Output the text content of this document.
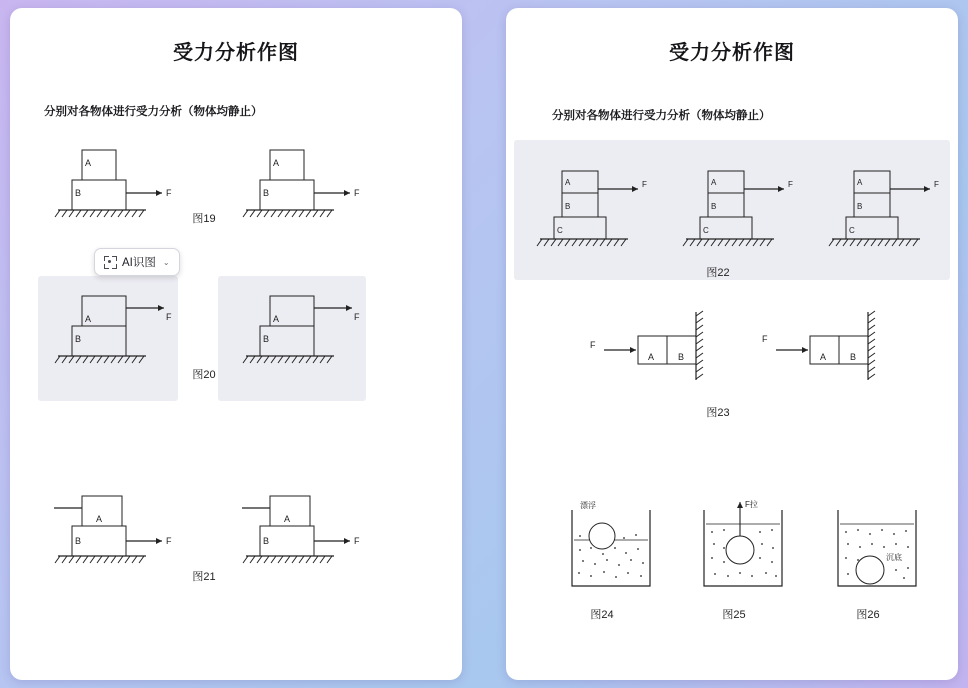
受力分析作图
分别对各物体进行受力分析（物体均静止）
A
B	F
A
B	F
图19
AI识图 ⌄
A
B
F	A
B
F
图20
A
B	F
A
B	F
图21
受力分析作图
分别对各物体进行受力分析（物体均静止）
A
B
C
F	A
B
C
F	A
B
C
F
图22
F
A	B
F
A	B
图23
漂浮	F拉
沉底
图24	图25	图26
